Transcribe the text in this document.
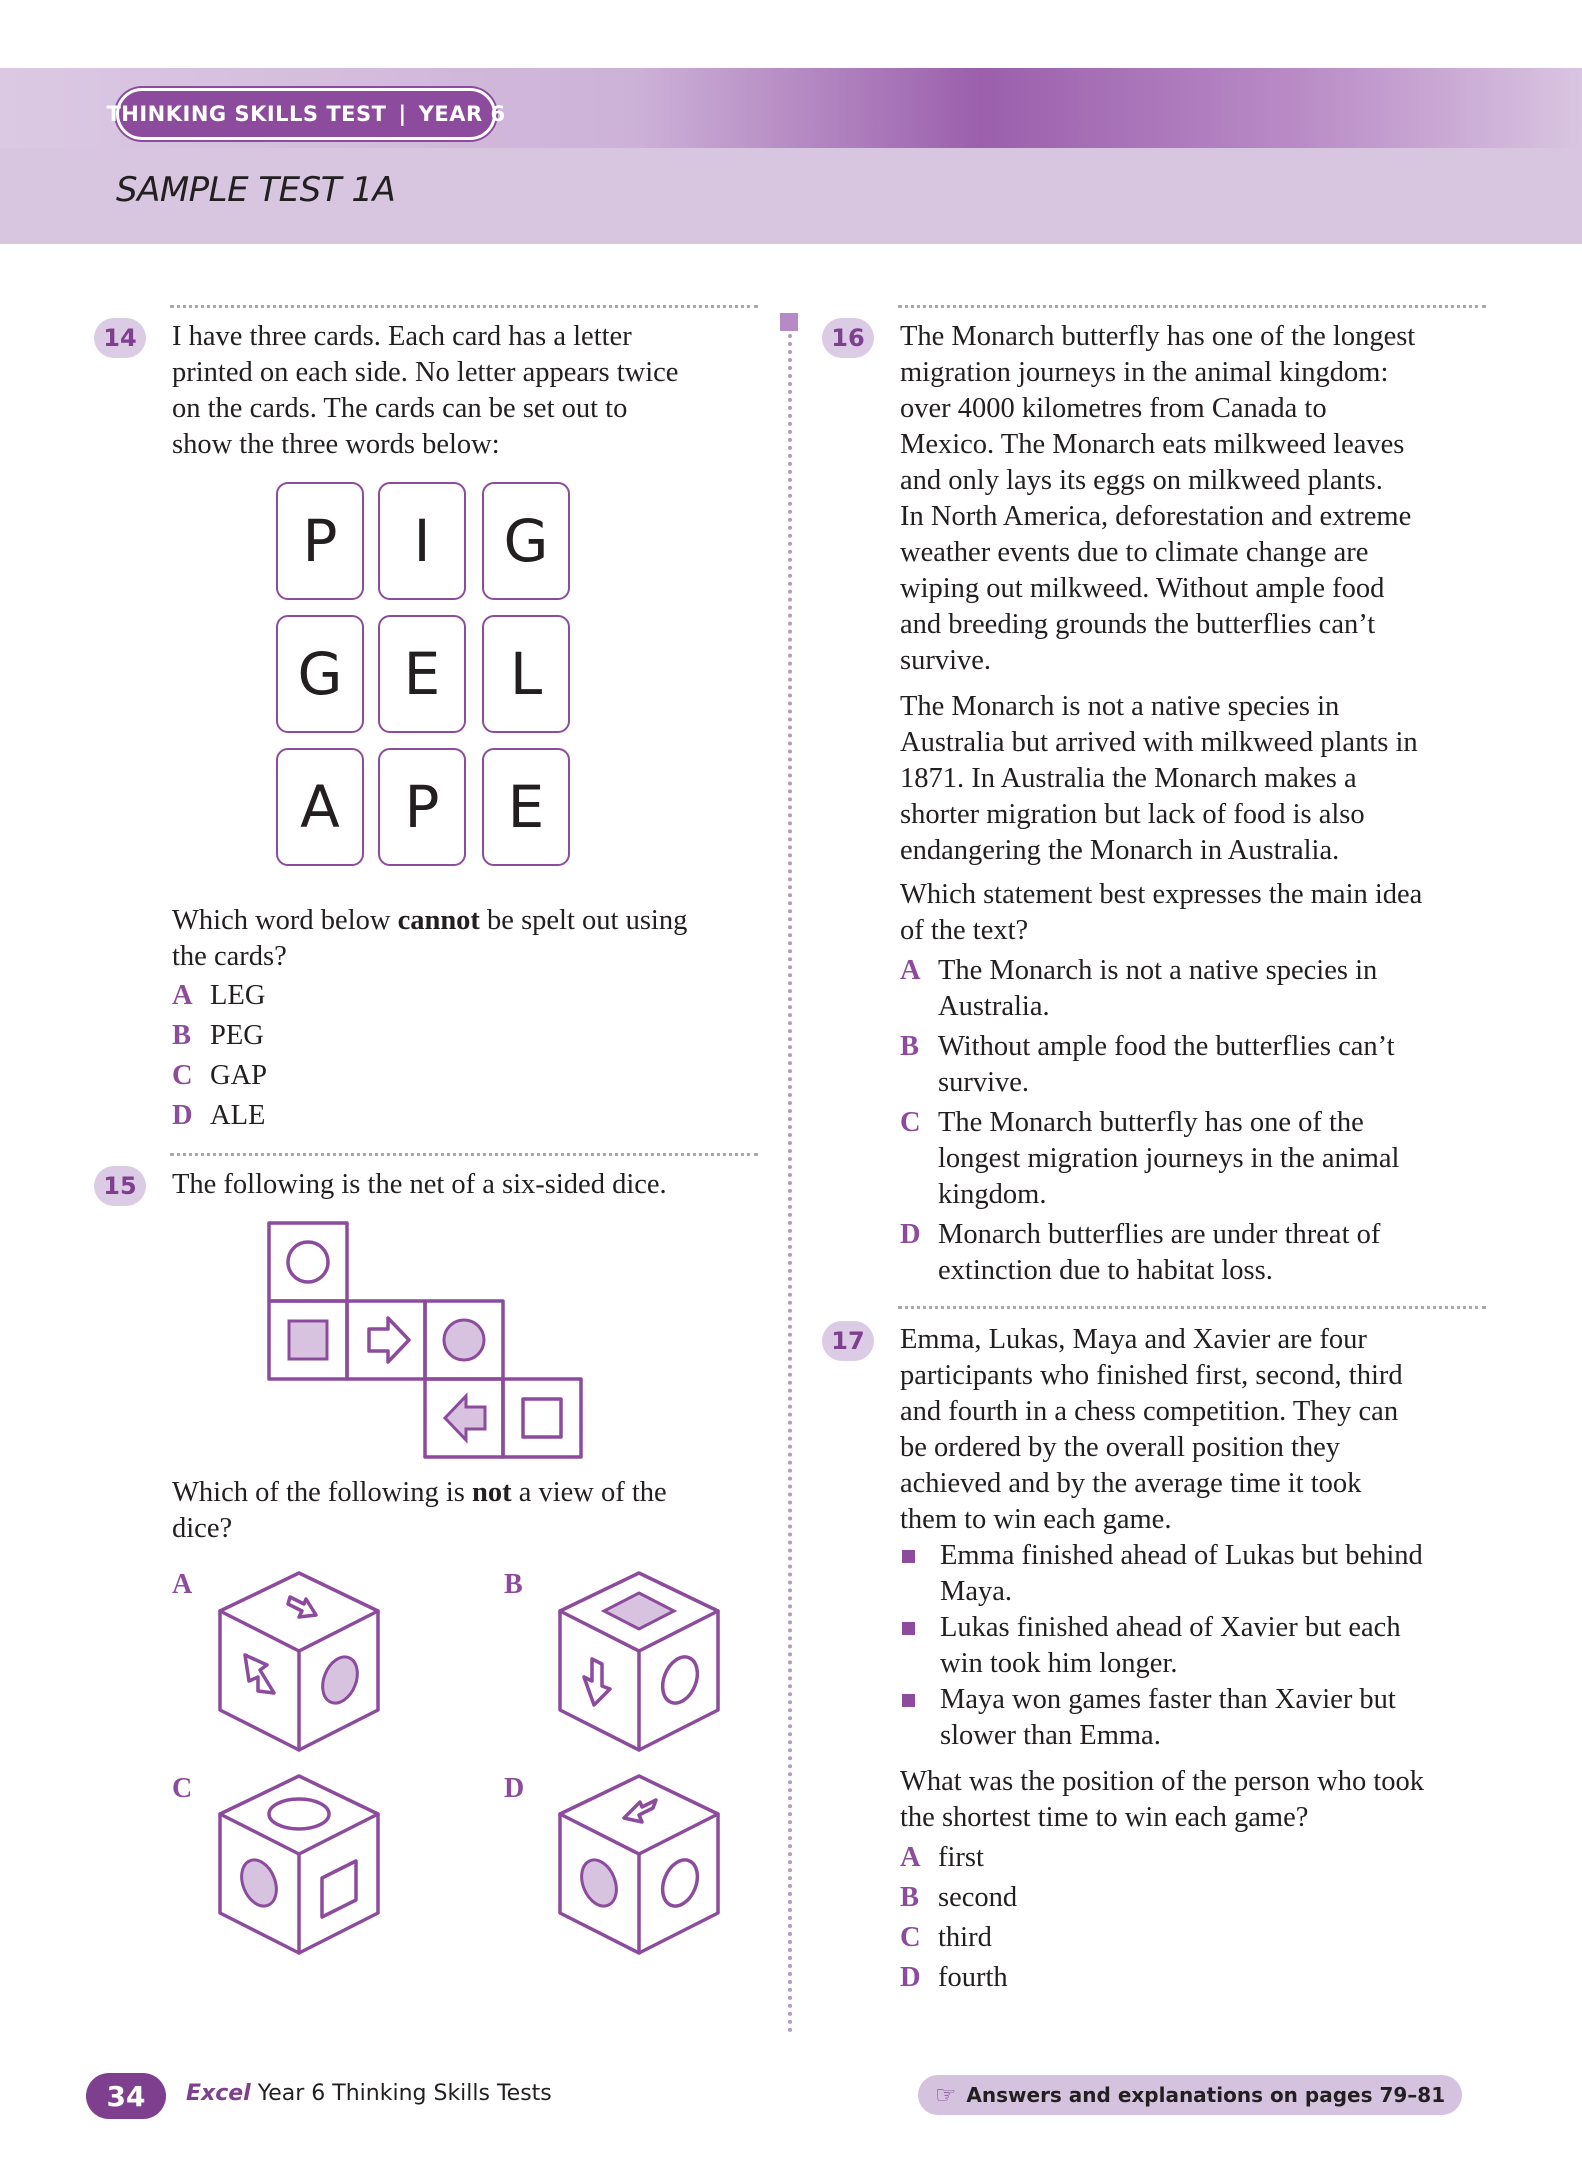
THINKING SKILLS TEST | YEAR 6
SAMPLE TEST 1A
14	I have three cards. Each card has a letter
printed on each side. No letter appears twice
on the cards. The cards can be set out to
show the three words below:
P	I	G
G	E	L
A	P	E
Which word below cannot be spelt out using
the cards?
A LEG
B PEG
C GAP
D ALE
15	The following is the net of a six-sided dice.
Which of the following is not a view of the
dice?
A	B
C	D
16	The Monarch butterfly has one of the longest
migration journeys in the animal kingdom:
over 4000 kilometres from Canada to
Mexico. The Monarch eats milkweed leaves
and only lays its eggs on milkweed plants.
In North America, deforestation and extreme
weather events due to climate change are
wiping out milkweed. Without ample food
and breeding grounds the butterflies can’t
survive.
The Monarch is not a native species in
Australia but arrived with milkweed plants in
1871. In Australia the Monarch makes a
shorter migration but lack of food is also
endangering the Monarch in Australia.
Which statement best expresses the main idea
of the text?
A The Monarch is not a native species in
Australia.
B Without ample food the butterflies can’t
survive.
C The Monarch butterfly has one of the
longest migration journeys in the animal
kingdom.
D Monarch butterflies are under threat of
extinction due to habitat loss.
17	Emma, Lukas, Maya and Xavier are four
participants who finished first, second, third
and fourth in a chess competition. They can
be ordered by the overall position they
achieved and by the average time it took
them to win each game.
Emma finished ahead of Lukas but behind
Maya.
Lukas finished ahead of Xavier but each
win took him longer.
Maya won games faster than Xavier but
slower than Emma.
What was the position of the person who took
the shortest time to win each game?
A first
B second
C third
D fourth
34	Excel Year 6 Thinking Skills Tests	☞ Answers and explanations on pages 79–81
